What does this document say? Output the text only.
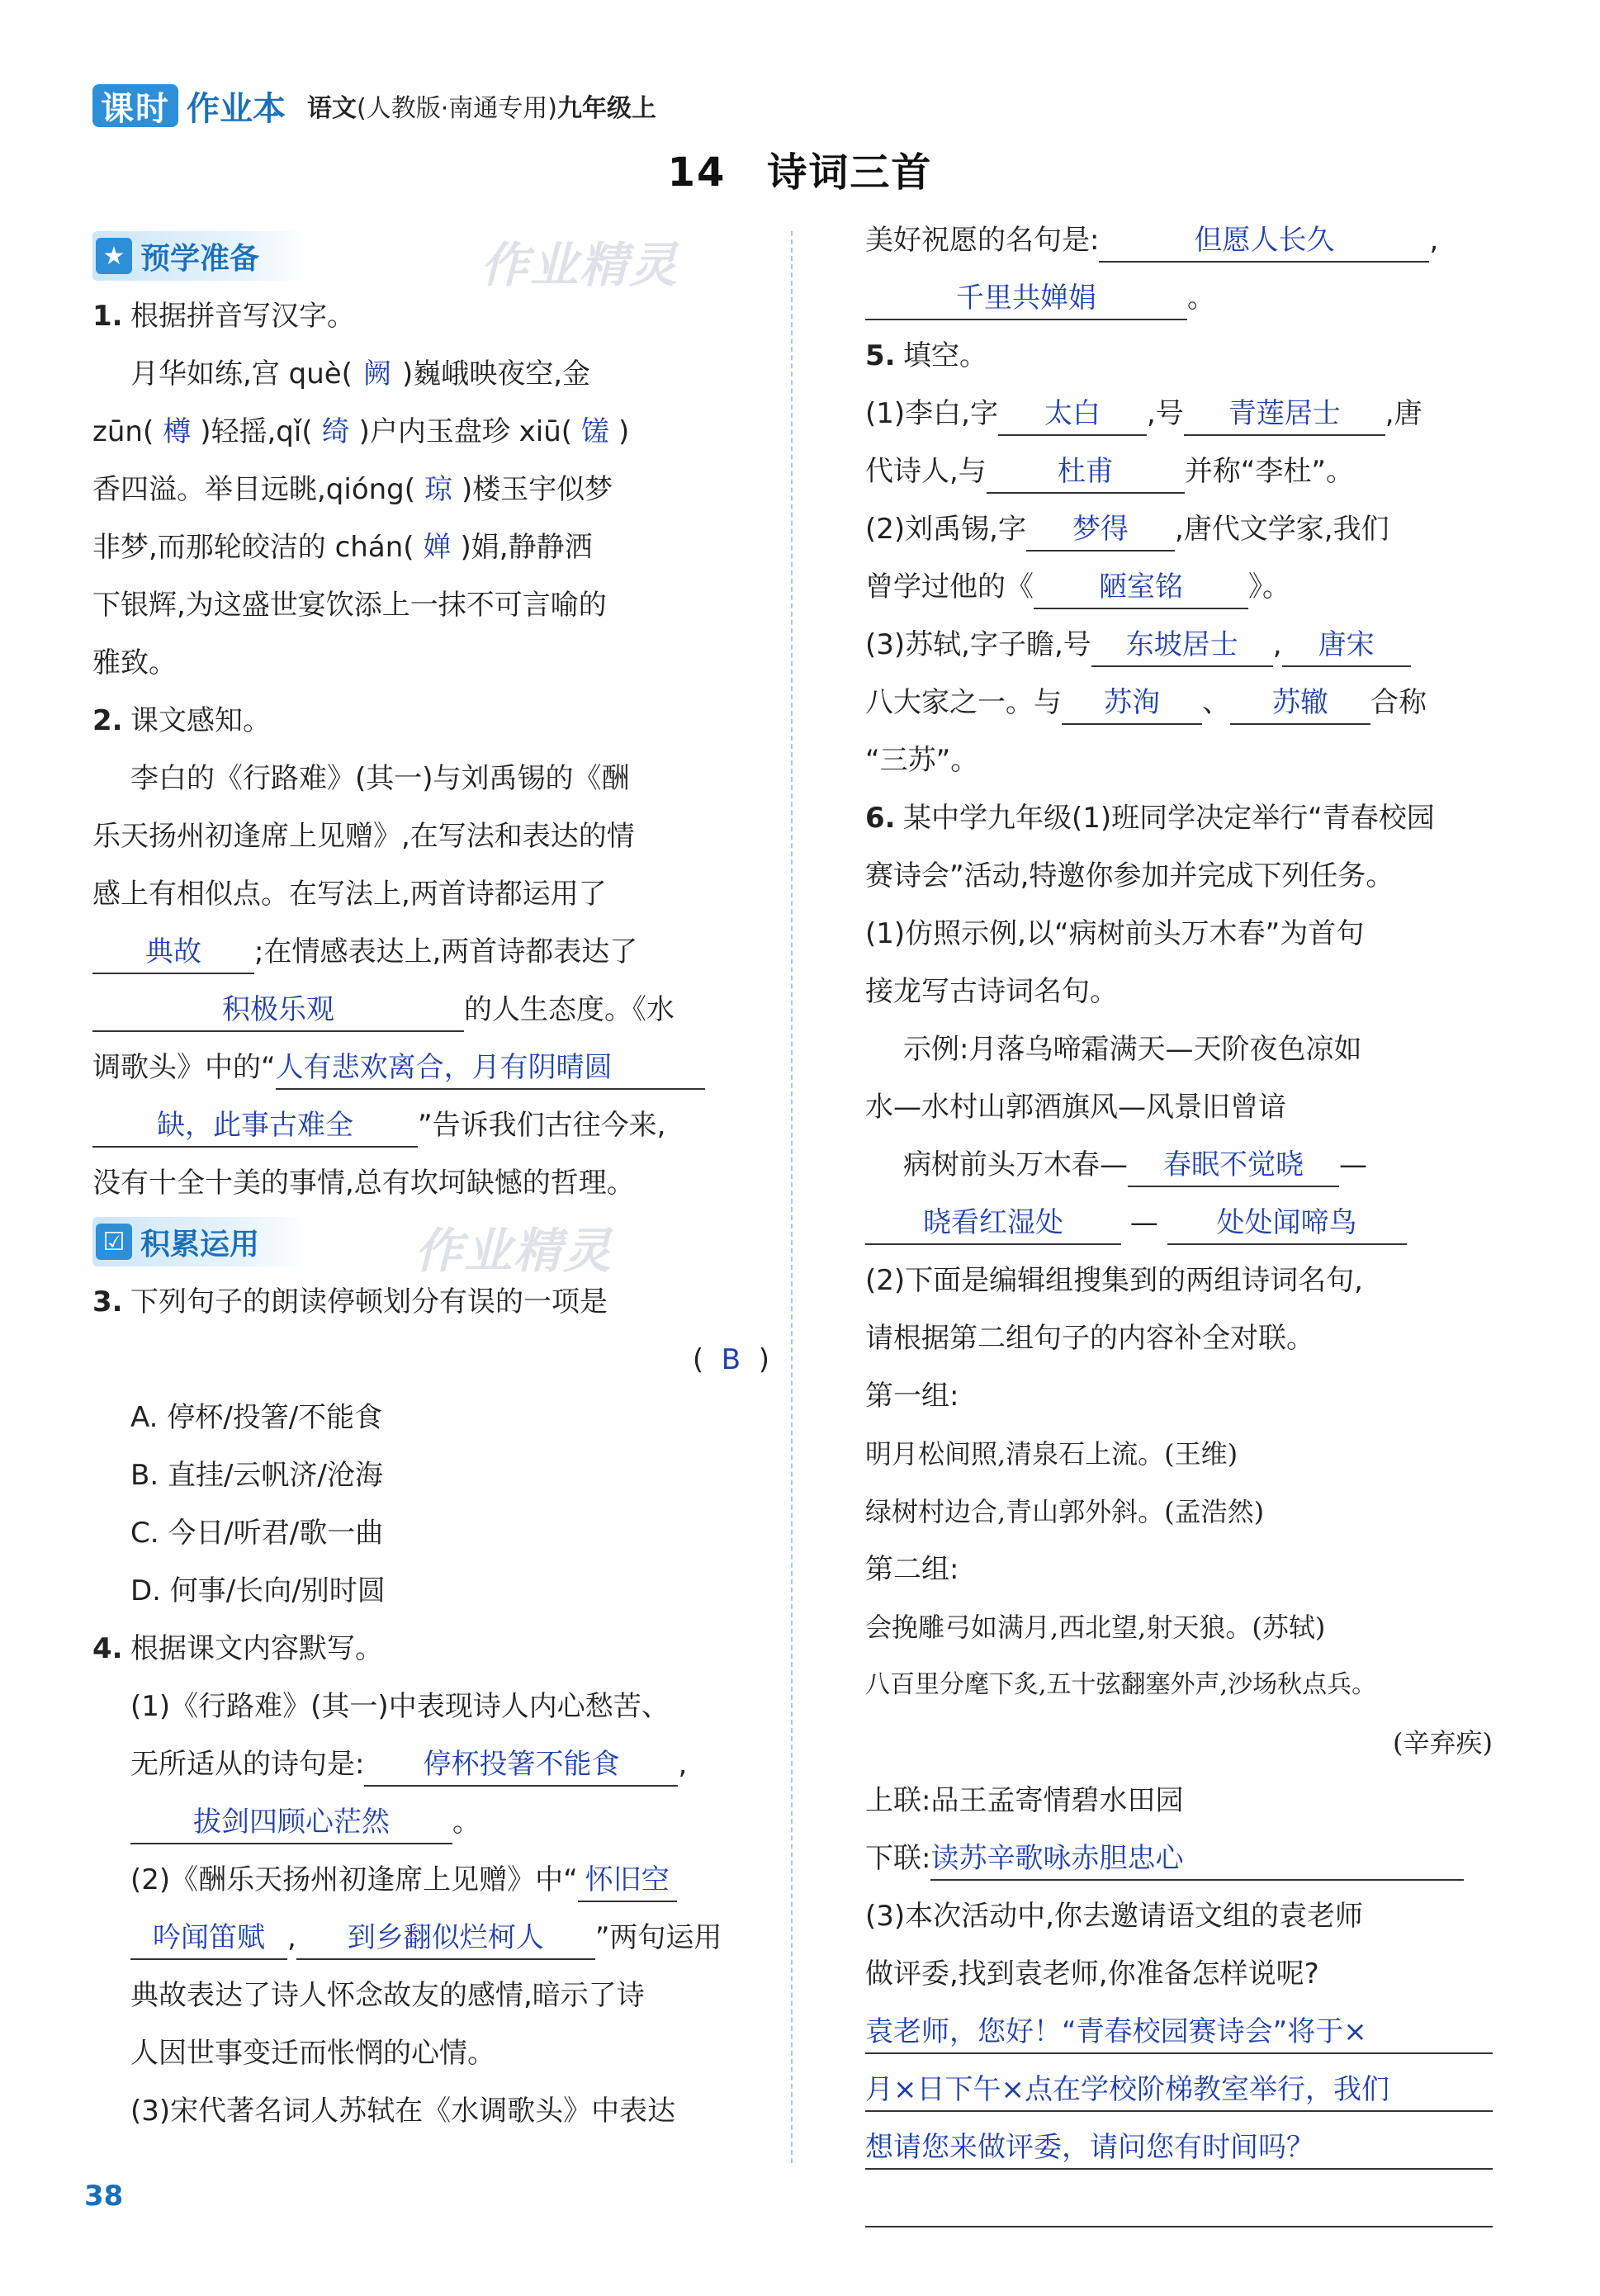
课时 作业本 语文(人教版·南通专用)九年级上
14　诗词三首
★ 预学准备	作业精灵
1. 根据拼音写汉字。
月华如练,宫 què( 阙 )巍峨映夜空,金
zūn( 樽 )轻摇,qǐ( 绮 )户内玉盘珍 xiū( 馐 )
香四溢。举目远眺,qióng( 琼 )楼玉宇似梦
非梦,而那轮皎洁的 chán( 婵 )娟,静静洒
下银辉,为这盛世宴饮添上一抹不可言喻的
雅致。
2. 课文感知。
李白的《行路难》(其一)与刘禹锡的《酬
乐天扬州初逢席上见赠》,在写法和表达的情
感上有相似点。在写法上,两首诗都运用了
典故 ;在情感表达上,两首诗都表达了
积极乐观	的人生态度。《水
调歌头》中的“人有悲欢离合，月有阴晴圆
缺，此事古难全 ”告诉我们古往今来,
没有十全十美的事情,总有坎坷缺憾的哲理。
☑ 积累运用	作业精灵
3. 下列句子的朗读停顿划分有误的一项是
(  B  )
A. 停杯/投箸/不能食
B. 直挂/云帆济/沧海
C. 今日/听君/歌一曲
D. 何事/长向/别时圆
4. 根据课文内容默写。
(1)《行路难》(其一)中表现诗人内心愁苦、
无所适从的诗句是: 停杯投箸不能食 ,
拔剑四顾心茫然 。
(2)《酬乐天扬州初逢席上见赠》中“ 怀旧空
吟闻笛赋 , 到乡翻似烂柯人 ”两句运用
典故表达了诗人怀念故友的感情,暗示了诗
人因世事变迁而怅惘的心情。
(3)宋代著名词人苏轼在《水调歌头》中表达
美好祝愿的名句是:	但愿人长久	,
千里共婵娟	。
5. 填空。
(1)李白,字 太白 ,号 青莲居士 ,唐
代诗人,与	杜甫	并称“李杜”。
(2)刘禹锡,字 梦得 ,唐代文学家,我们
曾学过他的《 陋室铭 》。
(3)苏轼,字子瞻,号 东坡居士 , 唐宋
八大家之一。与 苏洵 、 苏辙 合称
“三苏”。
6. 某中学九年级(1)班同学决定举行“青春校园
赛诗会”活动,特邀你参加并完成下列任务。
(1)仿照示例,以“病树前头万木春”为首句
接龙写古诗词名句。
示例:月落乌啼霜满天—天阶夜色凉如
水—水村山郭酒旗风—风景旧曾谙
病树前头万木春— 春眠不觉晓 —
晓看红湿处 — 处处闻啼鸟
(2)下面是编辑组搜集到的两组诗词名句,
请根据第二组句子的内容补全对联。
第一组:
明月松间照,清泉石上流。(王维)
绿树村边合,青山郭外斜。(孟浩然)
第二组:
会挽雕弓如满月,西北望,射天狼。(苏轼)
八百里分麾下炙,五十弦翻塞外声,沙场秋点兵。
(辛弃疾)
上联:品王孟寄情碧水田园
下联:读苏辛歌咏赤胆忠心
(3)本次活动中,你去邀请语文组的袁老师
做评委,找到袁老师,你准备怎样说呢?
袁老师，您好！“青春校园赛诗会”将于×
月×日下午×点在学校阶梯教室举行，我们
想请您来做评委，请问您有时间吗？

38
